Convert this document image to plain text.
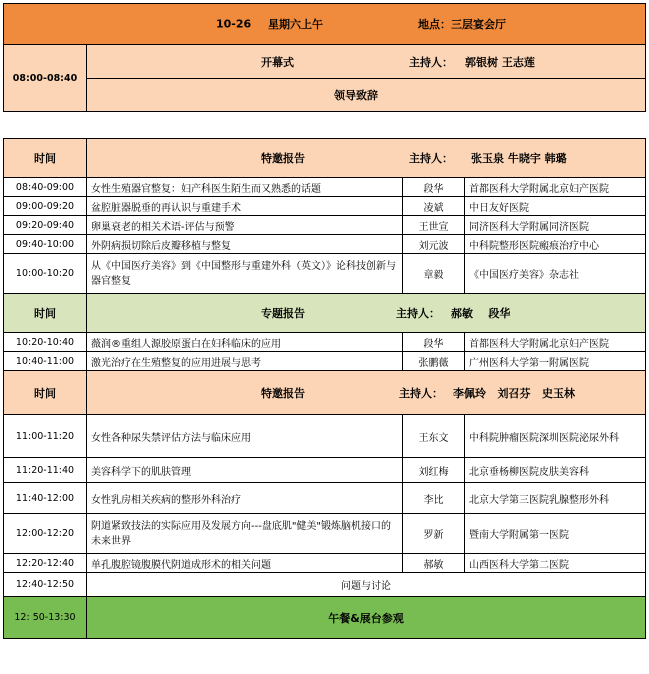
10-26 星期六上午	地点：三层宴会厅

08:00-08:40	
开幕式	主持人： 郭银树 王志莲

领导致辞
时间	特邀报告 主持人： 张玉泉 牛晓宇 韩璐		

08:40-09:00	女性生殖器官整复：妇产科医生陌生而又熟悉的话题	段华	首都医科大学附属北京妇产医院
09:00-09:20	盆腔脏器脱垂的再认识与重建手术	凌斌	中日友好医院
09:20-09:40	卵巢衰老的相关术语-评估与预警	王世宣	同济医科大学附属同济医院
09:40-10:00	外阴病损切除后皮瓣移植与整复	刘元波	中科院整形医院瘢痕治疗中心
10:00-10:20	从《中国医疗美容》到《中国整形与重建外科（英文）》论科技创新与器官整复	章毅	《中国医疗美容》杂志社
时间	专题报告 主持人： 郝敏    段华		

10:20-10:40	薇润®重组人源胶原蛋白在妇科临床的应用	段华	首都医科大学附属北京妇产医院
10:40-11:00	激光治疗在生殖整复的应用进展与思考	张鹏薇	广州医科大学第一附属医院
时间	特邀报告 主持人： 李佩玲   刘召芬   史玉林		

11:00-11:20	女性各种尿失禁评估方法与临床应用	王东文	中科院肿瘤医院深圳医院泌尿外科
11:20-11:40	美容科学下的肌肤管理	刘红梅	北京垂杨柳医院皮肤美容科
11:40-12:00	女性乳房相关疾病的整形外科治疗	李比	北京大学第三医院乳腺整形外科
12:00-12:20	阴道紧致技法的实际应用及发展方向---盘底肌"健美"锻炼脑机接口的未来世界	罗新	暨南大学附属第一医院
12:20-12:40	单孔腹腔镜腹膜代阴道成形术的相关问题	郝敏	山西医科大学第二医院
12:40-12:50	问题与讨论		
12: 50-13:30	午餐&展台参观		
